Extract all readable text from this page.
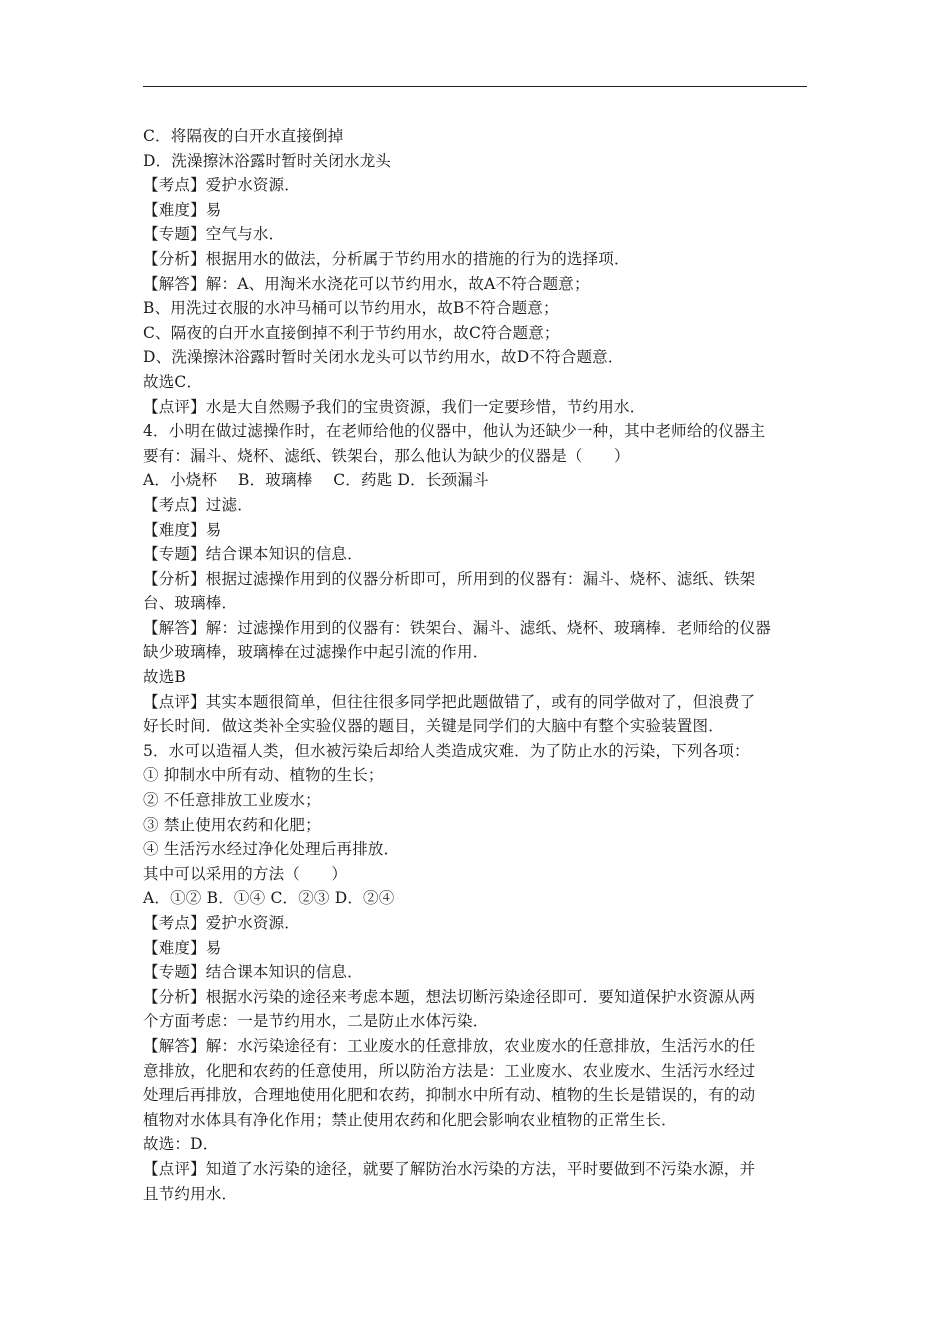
C．将隔夜的白开水直接倒掉
D．洗澡擦沐浴露时暂时关闭水龙头
【考点】爱护水资源．
【难度】易
【专题】空气与水．
【分析】根据用水的做法，分析属于节约用水的措施的行为的选择项．
【解答】解：A、用淘米水浇花可以节约用水，故A不符合题意；
B、用洗过衣服的水冲马桶可以节约用水，故B不符合题意；
C、隔夜的白开水直接倒掉不利于节约用水，故C符合题意；
D、洗澡擦沐浴露时暂时关闭水龙头可以节约用水，故D不符合题意．
故选C．
【点评】水是大自然赐予我们的宝贵资源，我们一定要珍惜，节约用水．
4．小明在做过滤操作时，在老师给他的仪器中，他认为还缺少一种，其中老师给的仪器主
要有：漏斗、烧杯、滤纸、铁架台，那么他认为缺少的仪器是（　　）
A．小烧杯　 B．玻璃棒　 C．药匙 D．长颈漏斗
【考点】过滤．
【难度】易
【专题】结合课本知识的信息．
【分析】根据过滤操作用到的仪器分析即可，所用到的仪器有：漏斗、烧杯、滤纸、铁架
台、玻璃棒．
【解答】解：过滤操作用到的仪器有：铁架台、漏斗、滤纸、烧杯、玻璃棒．老师给的仪器
缺少玻璃棒，玻璃棒在过滤操作中起引流的作用．
故选B
【点评】其实本题很简单，但往往很多同学把此题做错了，或有的同学做对了，但浪费了
好长时间．做这类补全实验仪器的题目，关键是同学们的大脑中有整个实验装置图．
5．水可以造福人类，但水被污染后却给人类造成灾难．为了防止水的污染，下列各项：
① 抑制水中所有动、植物的生长；
② 不任意排放工业废水；
③ 禁止使用农药和化肥；
④ 生活污水经过净化处理后再排放．
其中可以采用的方法（　　）
A．①② B．①④ C．②③ D．②④
【考点】爱护水资源．
【难度】易
【专题】结合课本知识的信息．
【分析】根据水污染的途径来考虑本题，想法切断污染途径即可．要知道保护水资源从两
个方面考虑：一是节约用水，二是防止水体污染．
【解答】解：水污染途径有：工业废水的任意排放，农业废水的任意排放，生活污水的任
意排放，化肥和农药的任意使用，所以防治方法是：工业废水、农业废水、生活污水经过
处理后再排放，合理地使用化肥和农药，抑制水中所有动、植物的生长是错误的，有的动
植物对水体具有净化作用；禁止使用农药和化肥会影响农业植物的正常生长．
故选：D．
【点评】知道了水污染的途径，就要了解防治水污染的方法，平时要做到不污染水源，并
且节约用水．
